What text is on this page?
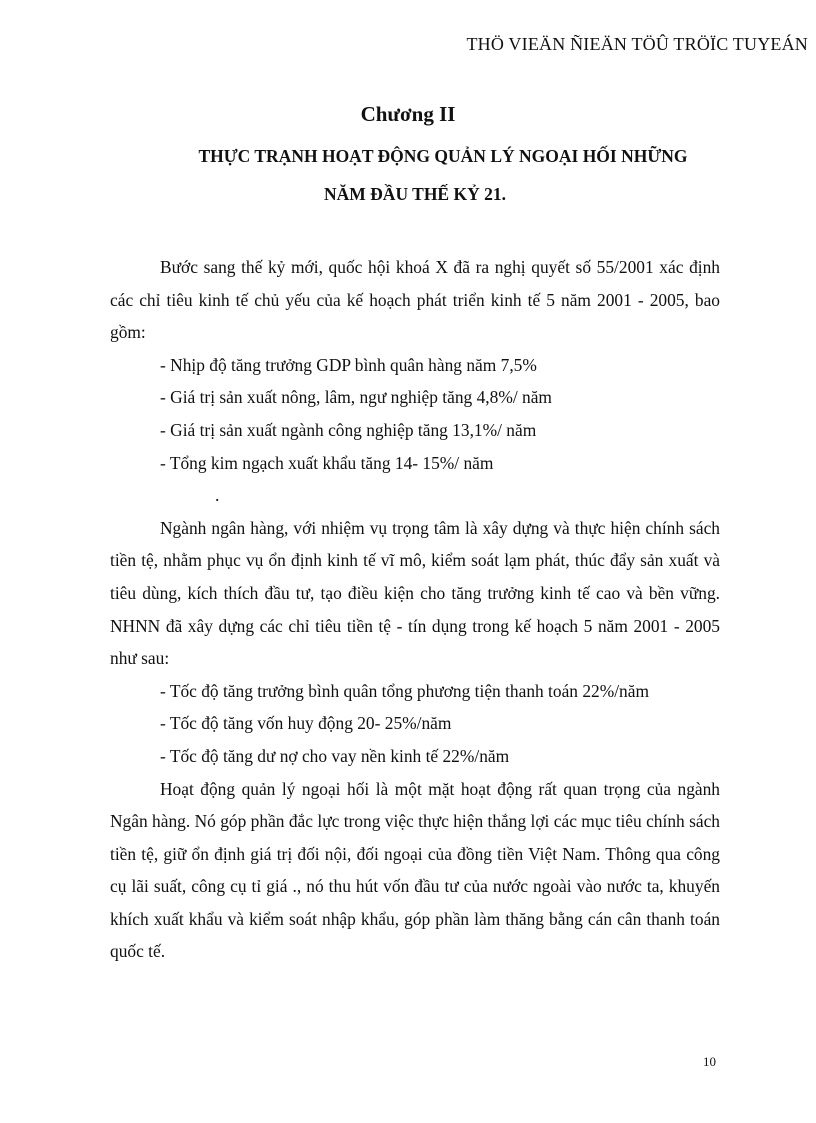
THÖ VIEÄN ÑIEÄN TÖÛ TRÖÏC TUYEÁN
Chương II
THỰC TRẠNH HOẠT ĐỘNG QUẢN LÝ NGOẠI HỐI NHỮNG
NĂM ĐẦU THẾ KỶ 21.

Bước sang thế kỷ mới, quốc hội khoá X đã ra nghị quyết số 55/2001 xác định các chỉ tiêu kinh tế chủ yếu của kế hoạch phát triển kinh tế 5 năm 2001 - 2005, bao gồm:

- Nhịp độ tăng trưởng GDP bình quân hàng năm 7,5%

- Giá trị sản xuất nông, lâm, ngư nghiệp tăng 4,8%/ năm

- Giá trị sản xuất ngành công nghiệp tăng 13,1%/ năm

- Tổng kim ngạch xuất khẩu tăng 14- 15%/ năm

.

Ngành ngân hàng, với nhiệm vụ trọng tâm là xây dựng và thực hiện chính sách tiền tệ, nhằm phục vụ ổn định kinh tế vĩ mô, kiểm soát lạm phát, thúc đẩy sản xuất và tiêu dùng, kích thích đầu tư, tạo điều kiện cho tăng trưởng kinh tế cao và bền vững. NHNN đã xây dựng các chỉ tiêu tiền tệ - tín dụng trong kế hoạch 5 năm 2001 - 2005 như sau:

- Tốc độ tăng trưởng bình quân tổng phương tiện thanh toán 22%/năm

- Tốc độ tăng vốn huy động 20- 25%/năm

- Tốc độ tăng dư nợ cho vay nền kinh tế 22%/năm

Hoạt động quản lý ngoại hối là một mặt hoạt động rất quan trọng của ngành Ngân hàng. Nó góp phần đắc lực trong việc thực hiện thắng lợi các mục tiêu chính sách tiền tệ, giữ ổn định giá trị đối nội, đối ngoại của đồng tiền Việt Nam. Thông qua công cụ lãi suất, công cụ tỉ giá ., nó thu hút vốn đầu tư của nước ngoài vào nước ta, khuyến khích xuất khẩu và kiểm soát nhập khẩu, góp phần làm thăng bằng cán cân thanh toán quốc tế.

10
